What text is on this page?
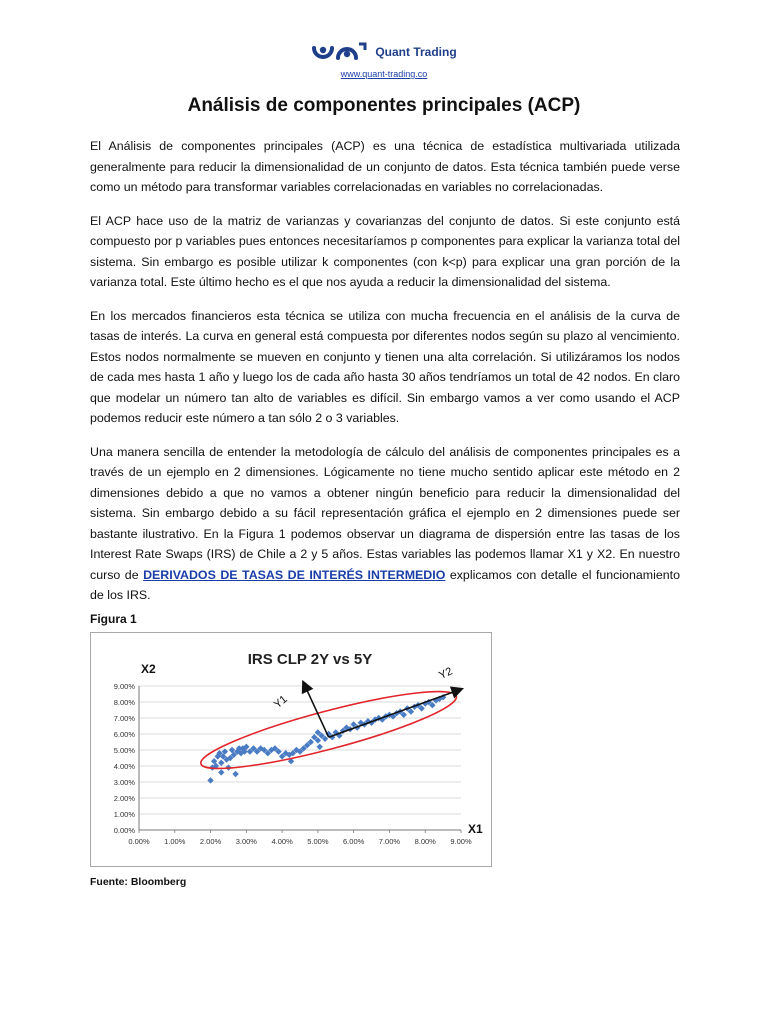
Quant Trading
www.quant-trading.co
Análisis de componentes principales (ACP)

El Análisis de componentes principales (ACP) es una técnica de estadística multivariada utilizada generalmente para reducir la dimensionalidad de un conjunto de datos. Esta técnica también puede verse como un método para transformar variables correlacionadas en variables no correlacionadas.

El ACP hace uso de la matriz de varianzas y covarianzas del conjunto de datos. Si este conjunto está compuesto por p variables pues entonces necesitaríamos p componentes para explicar la varianza total del sistema. Sin embargo es posible utilizar k componentes (con k<p) para explicar una gran porción de la varianza total. Este último hecho es el que nos ayuda a reducir la dimensionalidad del sistema.

En los mercados financieros esta técnica se utiliza con mucha frecuencia en el análisis de la curva de tasas de interés. La curva en general está compuesta por diferentes nodos según su plazo al vencimiento. Estos nodos normalmente se mueven en conjunto y tienen una alta correlación. Si utilizáramos los nodos de cada mes hasta 1 año y luego los de cada año hasta 30 años tendríamos un total de 42 nodos. En claro que modelar un número tan alto de variables es difícil. Sin embargo vamos a ver como usando el ACP podemos reducir este número a tan sólo 2 o 3 variables.

Una manera sencilla de entender la metodología de cálculo del análisis de componentes principales es a través de un ejemplo en 2 dimensiones. Lógicamente no tiene mucho sentido aplicar este método en 2 dimensiones debido a que no vamos a obtener ningún beneficio para reducir la dimensionalidad del sistema. Sin embargo debido a su fácil representación gráfica el ejemplo en 2 dimensiones puede ser bastante ilustrativo. En la Figura 1 podemos observar un diagrama de dispersión entre las tasas de los Interest Rate Swaps (IRS) de Chile a 2 y 5 años. Estas variables las podemos llamar X1 y X2. En nuestro curso de DERIVADOS DE TASAS DE INTERÉS INTERMEDIO explicamos con detalle el funcionamiento de los IRS.

Figura 1

0.00%
1.00%
2.00%
3.00%
4.00%
5.00%
6.00%
7.00%
8.00%
9.00%
0.00% 1.00% 2.00% 3.00% 4.00% 5.00% 6.00% 7.00% 8.00% 9.00%
IRS CLP 2Y vs 5Y
X2
X1
Y1
Y2
Fuente: Bloomberg
